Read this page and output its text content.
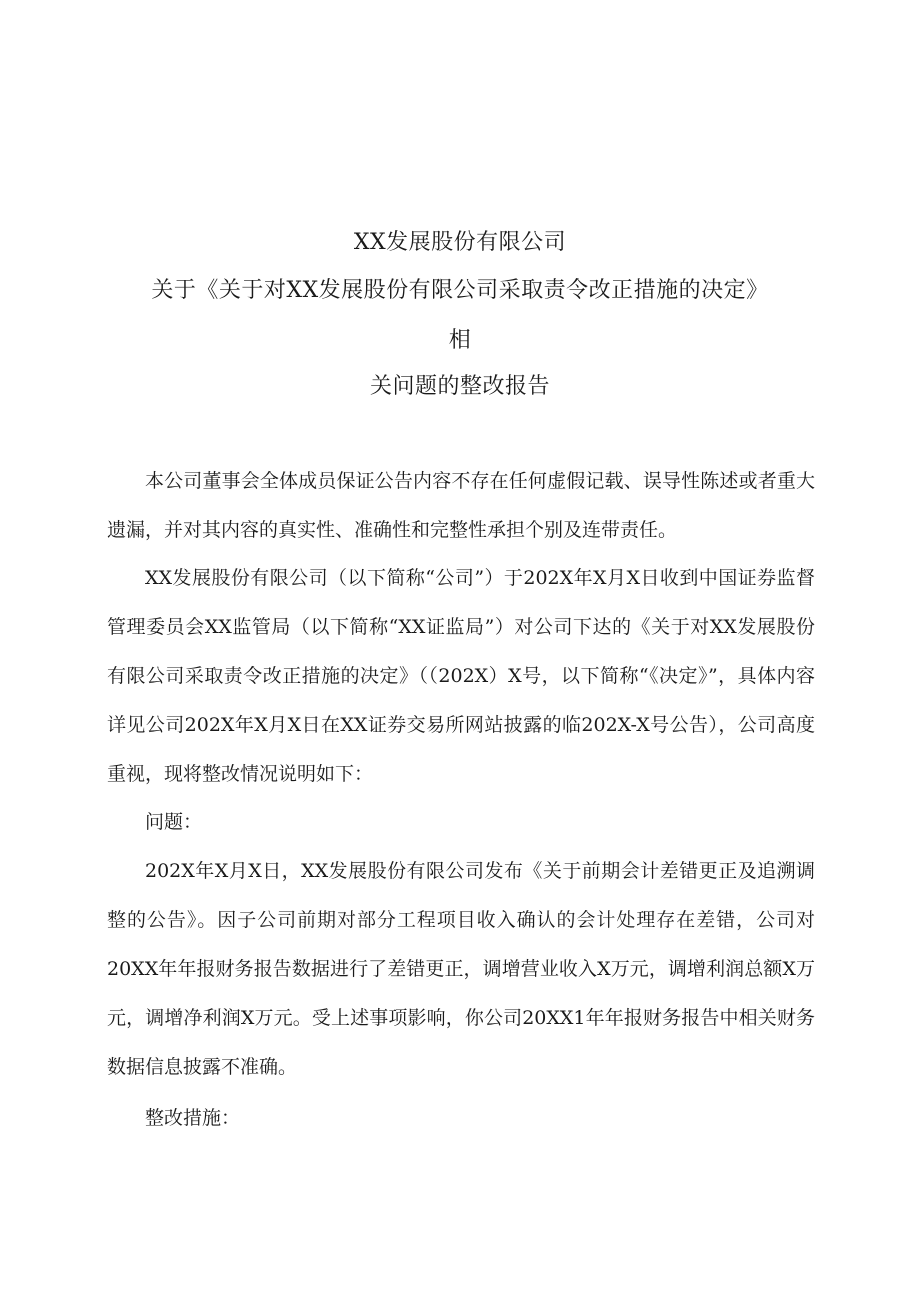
XX发展股份有限公司
关于《关于对XX发展股份有限公司采取责令改正措施的决定》
相
关问题的整改报告

本公司董事会全体成员保证公告内容不存在任何虚假记载、误导性陈述或者重大遗漏，并对其内容的真实性、准确性和完整性承担个别及连带责任。

XX发展股份有限公司（以下简称“公司”）于202X年X月X日收到中国证券监督管理委员会XX监管局（以下简称“XX证监局”）对公司下达的《关于对XX发展股份有限公司采取责令改正措施的决定》（（202X）X号，以下简称“《决定》”，具体内容详见公司202X年X月X日在XX证券交易所网站披露的临202X-X号公告），公司高度重视，现将整改情况说明如下：

问题：

202X年X月X日，XX发展股份有限公司发布《关于前期会计差错更正及追溯调整的公告》。因子公司前期对部分工程项目收入确认的会计处理存在差错，公司对20XX年年报财务报告数据进行了差错更正，调增营业收入X万元，调增利润总额X万元，调增净利润X万元。受上述事项影响，你公司20XX1年年报财务报告中相关财务数据信息披露不准确。

整改措施：
